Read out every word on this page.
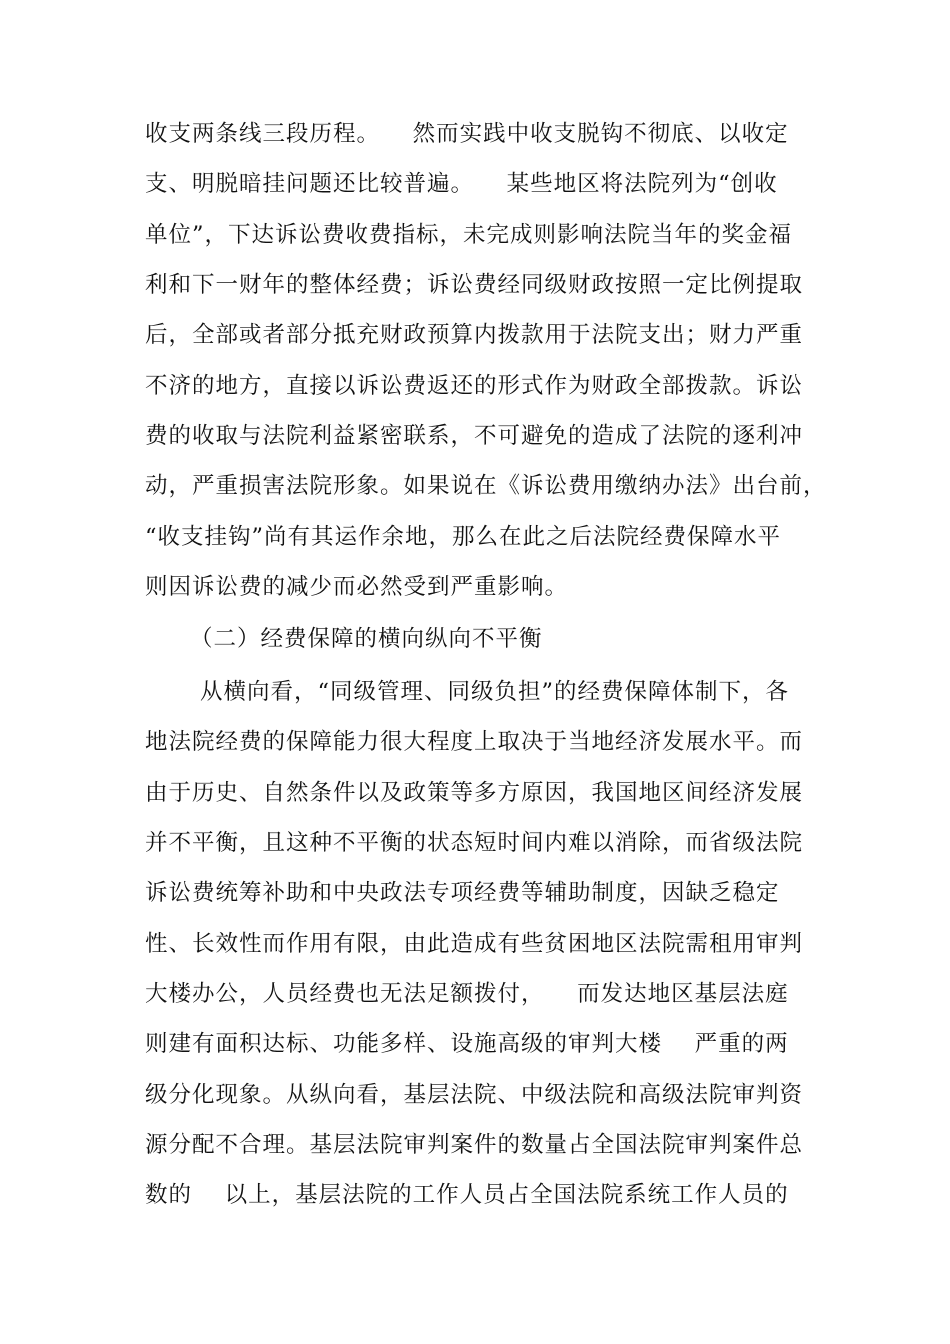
收支两条线三段历程。    然而实践中收支脱钩不彻底、以收定
支、明脱暗挂问题还比较普遍。    某些地区将法院列为“创收
单位”，下达诉讼费收费指标，未完成则影响法院当年的奖金福
利和下一财年的整体经费；诉讼费经同级财政按照一定比例提取
后，全部或者部分抵充财政预算内拨款用于法院支出；财力严重
不济的地方，直接以诉讼费返还的形式作为财政全部拨款。诉讼
费的收取与法院利益紧密联系，不可避免的造成了法院的逐利冲
动，严重损害法院形象。如果说在《诉讼费用缴纳办法》出台前，
“收支挂钩”尚有其运作余地，那么在此之后法院经费保障水平
则因诉讼费的减少而必然受到严重影响。
（二）经费保障的横向纵向不平衡
从横向看，“同级管理、同级负担”的经费保障体制下，各
地法院经费的保障能力很大程度上取决于当地经济发展水平。而
由于历史、自然条件以及政策等多方原因，我国地区间经济发展
并不平衡，且这种不平衡的状态短时间内难以消除，而省级法院
诉讼费统筹补助和中央政法专项经费等辅助制度，因缺乏稳定
性、长效性而作用有限，由此造成有些贫困地区法院需租用审判
大楼办公，人员经费也无法足额拨付，    而发达地区基层法庭
则建有面积达标、功能多样、设施高级的审判大楼    严重的两
级分化现象。从纵向看，基层法院、中级法院和高级法院审判资
源分配不合理。基层法院审判案件的数量占全国法院审判案件总
数的    以上，基层法院的工作人员占全国法院系统工作人员的
